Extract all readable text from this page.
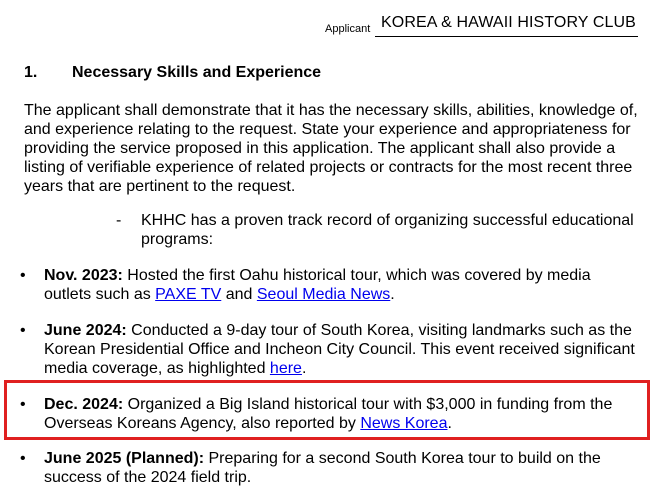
Applicant KOREA & HAWAII HISTORY CLUB
1. Necessary Skills and Experience
The applicant shall demonstrate that it has the necessary skills, abilities, knowledge of, and experience relating to the request. State your experience and appropriateness for providing the service proposed in this application. The applicant shall also provide a listing of verifiable experience of related projects or contracts for the most recent three years that are pertinent to the request.
- KHHC has a proven track record of organizing successful educational programs:
• Nov. 2023: Hosted the first Oahu historical tour, which was covered by media outlets such as PAXE TV and Seoul Media News.
• June 2024: Conducted a 9-day tour of South Korea, visiting landmarks such as the Korean Presidential Office and Incheon City Council. This event received significant media coverage, as highlighted here.
• Dec. 2024: Organized a Big Island historical tour with $3,000 in funding from the Overseas Koreans Agency, also reported by News Korea.
• June 2025 (Planned): Preparing for a second South Korea tour to build on the success of the 2024 field trip.
